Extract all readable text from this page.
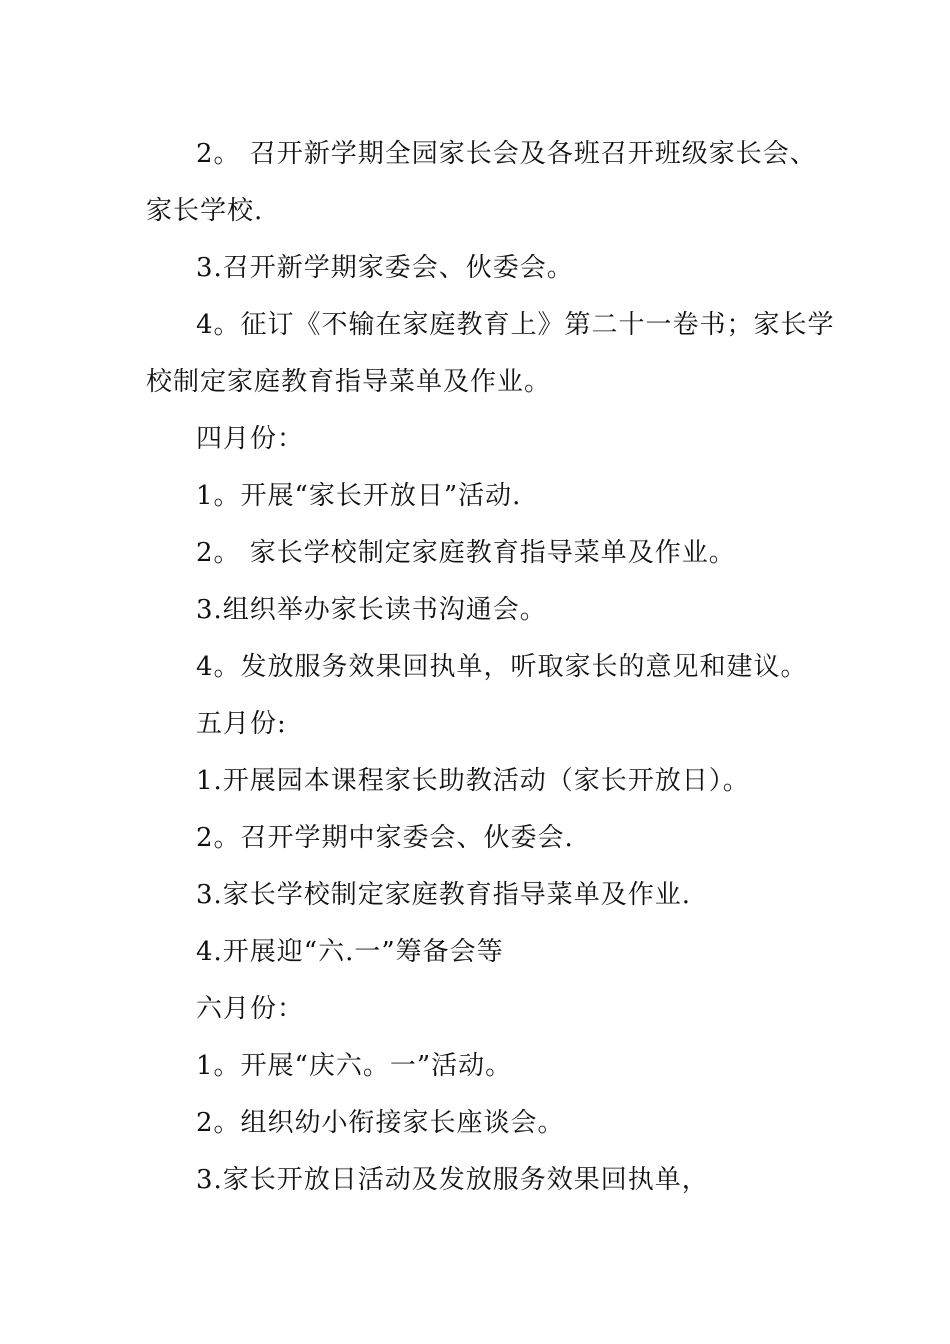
2。 召开新学期全园家长会及各班召开班级家长会、
家长学校.
3.召开新学期家委会、伙委会。
4。征订《不输在家庭教育上》第二十一卷书；家长学
校制定家庭教育指导菜单及作业。
四月份：
1。开展“家长开放日”活动.
2。 家长学校制定家庭教育指导菜单及作业。
3.组织举办家长读书沟通会。
4。发放服务效果回执单，听取家长的意见和建议。
五月份:
1.开展园本课程家长助教活动（家长开放日）。
2。召开学期中家委会、伙委会.
3.家长学校制定家庭教育指导菜单及作业.
4.开展迎“六.一”筹备会等
六月份：
1。开展“庆六。一”活动。
2。组织幼小衔接家长座谈会。
3.家长开放日活动及发放服务效果回执单，
